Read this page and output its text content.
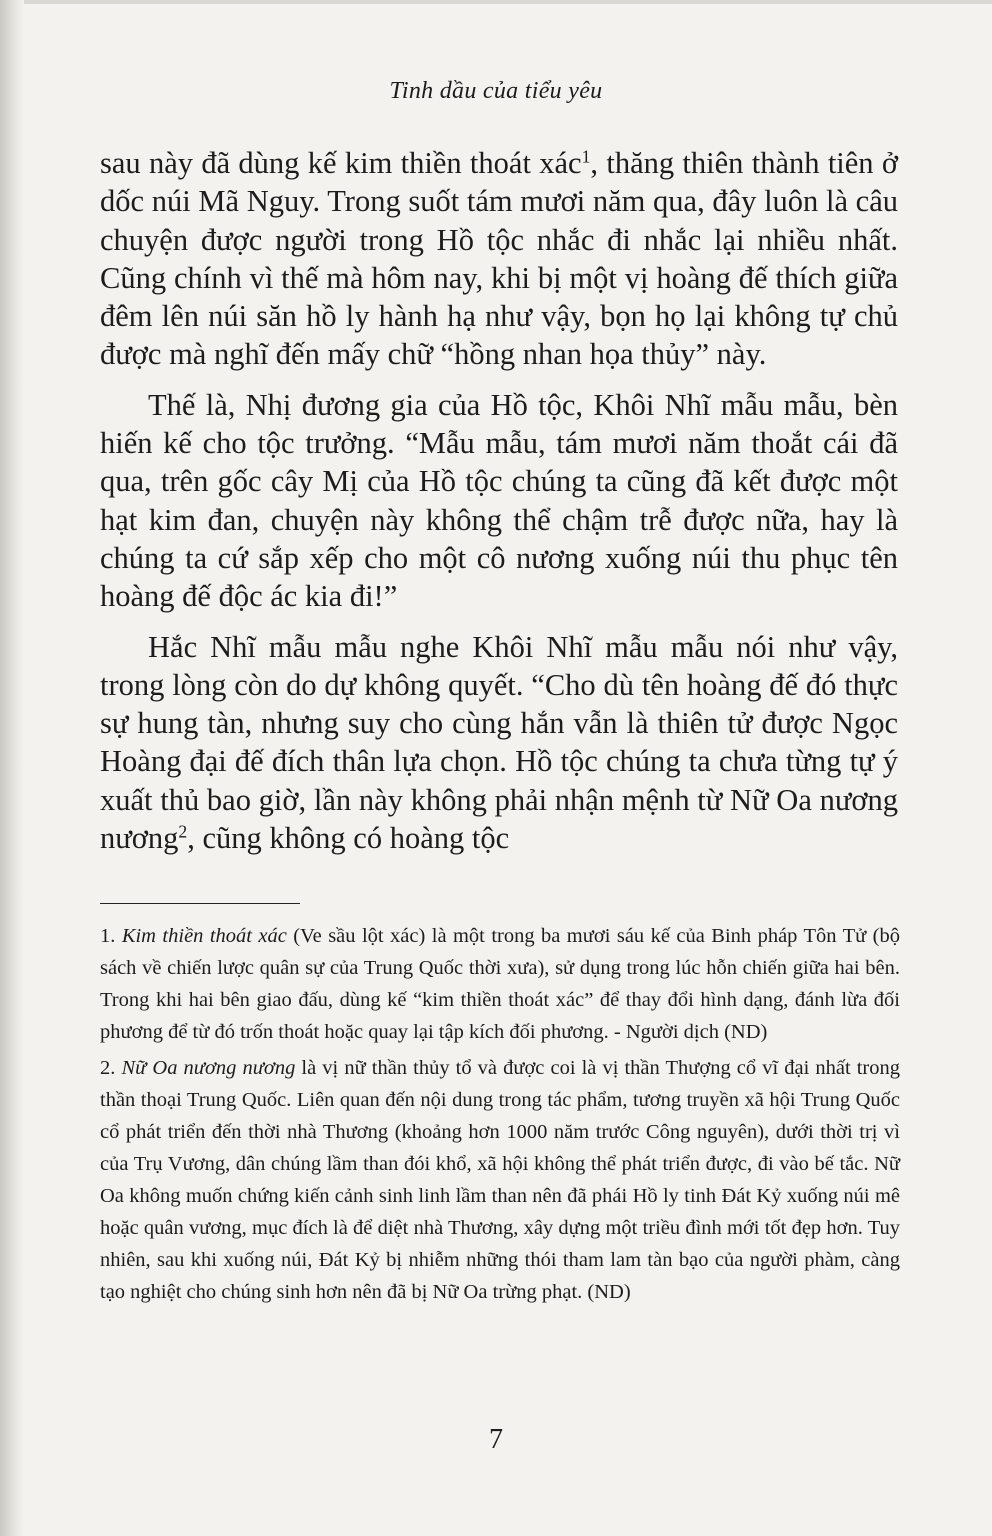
Tinh dầu của tiểu yêu

sau này đã dùng kế kim thiền thoát xác$^1$, thăng thiên thành tiên ở dốc núi Mã Nguy. Trong suốt tám mươi năm qua, đây luôn là câu chuyện được người trong Hồ tộc nhắc đi nhắc lại nhiều nhất. Cũng chính vì thế mà hôm nay, khi bị một vị hoàng đế thích giữa đêm lên núi săn hồ ly hành hạ như vậy, bọn họ lại không tự chủ được mà nghĩ đến mấy chữ “hồng nhan họa thủy” này.

Thế là, Nhị đương gia của Hồ tộc, Khôi Nhĩ mẫu mẫu, bèn hiến kế cho tộc trưởng. “Mẫu mẫu, tám mươi năm thoắt cái đã qua, trên gốc cây Mị của Hồ tộc chúng ta cũng đã kết được một hạt kim đan, chuyện này không thể chậm trễ được nữa, hay là chúng ta cứ sắp xếp cho một cô nương xuống núi thu phục tên hoàng đế độc ác kia đi!”

Hắc Nhĩ mẫu mẫu nghe Khôi Nhĩ mẫu mẫu nói như vậy, trong lòng còn do dự không quyết. “Cho dù tên hoàng đế đó thực sự hung tàn, nhưng suy cho cùng hắn vẫn là thiên tử được Ngọc Hoàng đại đế đích thân lựa chọn. Hồ tộc chúng ta chưa từng tự ý xuất thủ bao giờ, lần này không phải nhận mệnh từ Nữ Oa nương nương$^2$, cũng không có hoàng tộc

1. Kim thiền thoát xác (Ve sầu lột xác) là một trong ba mươi sáu kế của Binh pháp Tôn Tử (bộ sách về chiến lược quân sự của Trung Quốc thời xưa), sử dụng trong lúc hỗn chiến giữa hai bên. Trong khi hai bên giao đấu, dùng kế “kim thiền thoát xác” để thay đổi hình dạng, đánh lừa đối phương để từ đó trốn thoát hoặc quay lại tập kích đối phương. - Người dịch (ND)

2. Nữ Oa nương nương là vị nữ thần thủy tổ và được coi là vị thần Thượng cổ vĩ đại nhất trong thần thoại Trung Quốc. Liên quan đến nội dung trong tác phẩm, tương truyền xã hội Trung Quốc cổ phát triển đến thời nhà Thương (khoảng hơn 1000 năm trước Công nguyên), dưới thời trị vì của Trụ Vương, dân chúng lầm than đói khổ, xã hội không thể phát triển được, đi vào bế tắc. Nữ Oa không muốn chứng kiến cảnh sinh linh lầm than nên đã phái Hồ ly tinh Đát Kỷ xuống núi mê hoặc quân vương, mục đích là để diệt nhà Thương, xây dựng một triều đình mới tốt đẹp hơn. Tuy nhiên, sau khi xuống núi, Đát Kỷ bị nhiễm những thói tham lam tàn bạo của người phàm, càng tạo nghiệt cho chúng sinh hơn nên đã bị Nữ Oa trừng phạt. (ND)

7
